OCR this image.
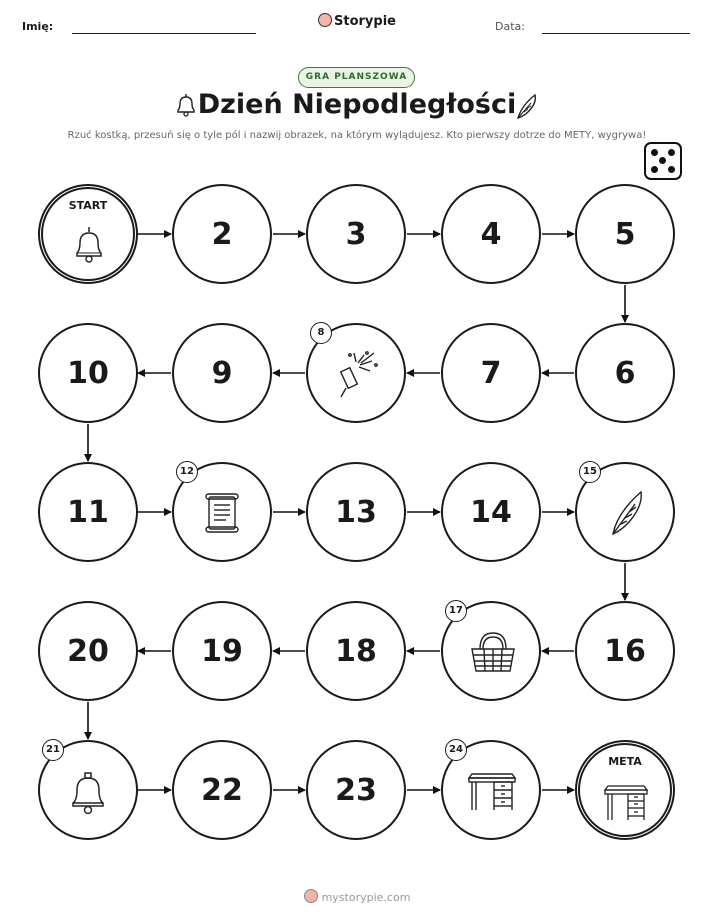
Imię:	Storypie	Data:
GRA PLANSZOWA
Dzień Niepodległości
Rzuć kostką, przesuń się o tyle pól i nazwij obrazek, na którym wylądujesz. Kto pierwszy dotrze do METY, wygrywa!
START
2	3	4	5
10	9
8
7	6
11
12
13	14
15
20	19	18
17
16
21
22	23
24
META
mystorypie.com
